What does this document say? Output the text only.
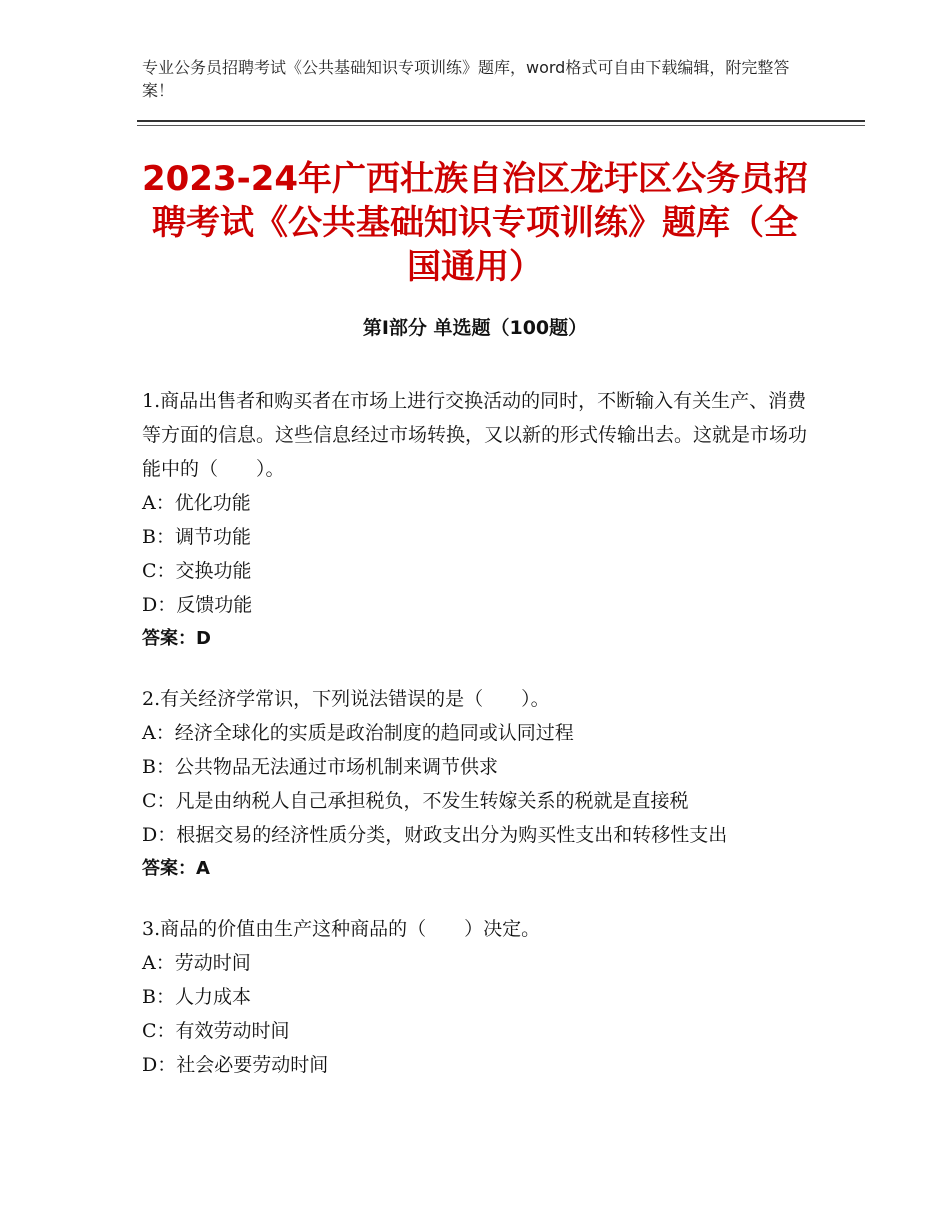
专业公务员招聘考试《公共基础知识专项训练》题库，word格式可自由下载编辑，附完整答案！
2023-24年广西壮族自治区龙圩区公务员招聘考试《公共基础知识专项训练》题库（全国通用）
第Ⅰ部分 单选题（100题）
1.商品出售者和购买者在市场上进行交换活动的同时，不断输入有关生产、消费等方面的信息。这些信息经过市场转换，又以新的形式传输出去。这就是市场功能中的（　　）。
A：优化功能
B：调节功能
C：交换功能
D：反馈功能
答案：D
2.有关经济学常识，下列说法错误的是（　　）。
A：经济全球化的实质是政治制度的趋同或认同过程
B：公共物品无法通过市场机制来调节供求
C：凡是由纳税人自己承担税负，不发生转嫁关系的税就是直接税
D：根据交易的经济性质分类，财政支出分为购买性支出和转移性支出
答案：A
3.商品的价值由生产这种商品的（　　）决定。
A：劳动时间
B：人力成本
C：有效劳动时间
D：社会必要劳动时间
